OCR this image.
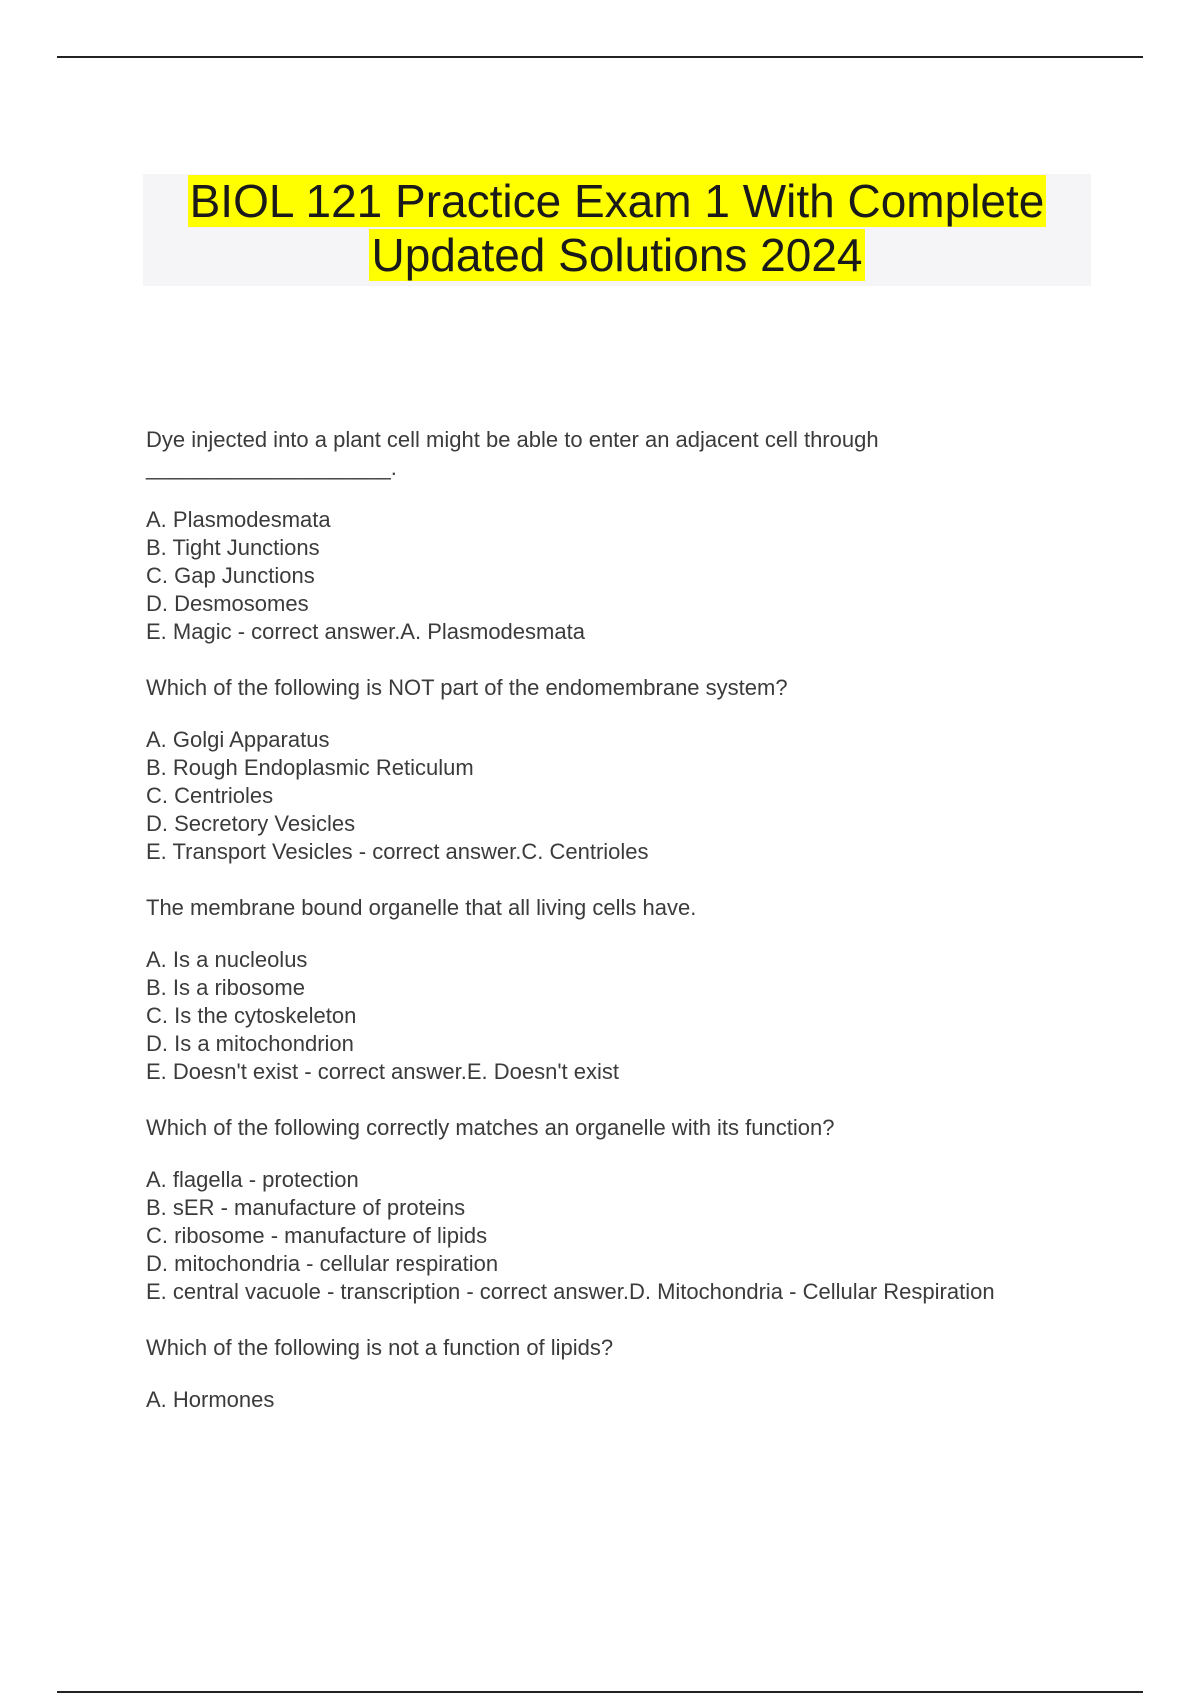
BIOL 121 Practice Exam 1 With Complete
Updated Solutions 2024

Dye injected into a plant cell might be able to enter an adjacent cell through

____________________.

A. Plasmodesmata

B. Tight Junctions

C. Gap Junctions

D. Desmosomes

E. Magic - correct answer.A. Plasmodesmata

Which of the following is NOT part of the endomembrane system?

A. Golgi Apparatus

B. Rough Endoplasmic Reticulum

C. Centrioles

D. Secretory Vesicles

E. Transport Vesicles - correct answer.C. Centrioles

The membrane bound organelle that all living cells have.

A. Is a nucleolus

B. Is a ribosome

C. Is the cytoskeleton

D. Is a mitochondrion

E. Doesn't exist - correct answer.E. Doesn't exist

Which of the following correctly matches an organelle with its function?

A. flagella - protection

B. sER - manufacture of proteins

C. ribosome - manufacture of lipids

D. mitochondria - cellular respiration

E. central vacuole - transcription - correct answer.D. Mitochondria - Cellular Respiration

Which of the following is not a function of lipids?

A. Hormones
